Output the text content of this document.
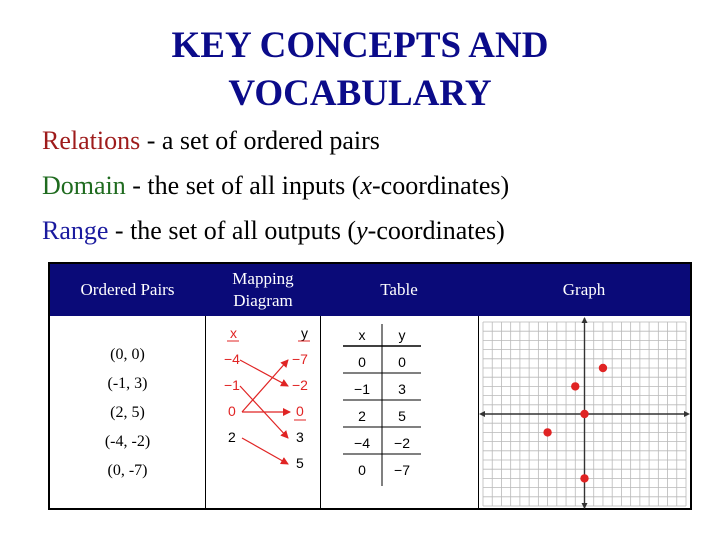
KEY CONCEPTS AND
VOCABULARY
Relations - a set of ordered pairs
Domain - the set of all inputs (x-coordinates)
Range - the set of all outputs (y-coordinates)
Ordered Pairs
Mapping
Diagram
Table	Graph
(0, 0)
(-1, 3)
(2, 5)
(-4, -2)
(0, -7)
x	y
−4
−1
0
2
−7
−2
0
3
5
x y
0 0
−1 3
2 5
−4 −2
0 −7
